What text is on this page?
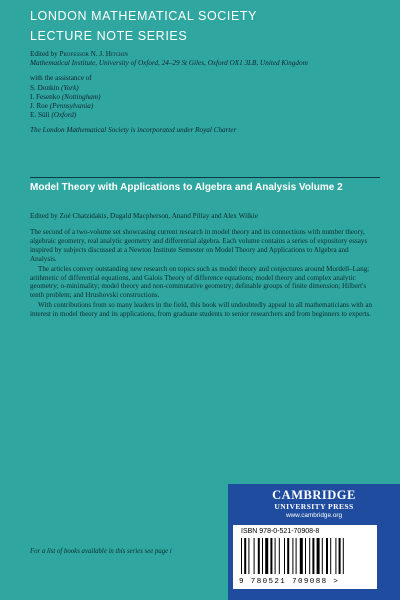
LONDON MATHEMATICAL SOCIETY
LECTURE NOTE SERIES
Edited by Professor N. J. Hitchin
Mathematical Institute, University of Oxford, 24–29 St Giles, Oxford OX1 3LB, United Kingdom
with the assistance of
S. Donkin (York)
I. Fesenko (Nottingham)
J. Roe (Pennsylvania)
E. Süli (Oxford)
The London Mathematical Society is incorporated under Royal Charter
Model Theory with Applications to Algebra and Analysis Volume 2
Edited by Zoé Chatzidakis, Dugald Macpherson, Anand Pillay and Alex Wilkie

The second of a two-volume set showcasing current research in model theory and its connections with number theory, algebraic geometry, real analytic geometry and differential algebra. Each volume contains a series of expository essays inspired by subjects discussed at a Newton Institute Semester on Model Theory and Applications to Algebra and Analysis.

The articles convey outstanding new research on topics such as model theory and conjectures around Mordell–Lang; arithmetic of differential equations, and Galois Theory of difference equations; model theory and complex analytic geometry; o-minimality; model theory and non-commutative geometry; definable groups of finite dimension; Hilbert's tenth problem; and Hrushovski constructions.

With contributions from so many leaders in the field, this book will undoubtedly appeal to all mathematicians with an interest in model theory and its applications, from graduate students to senior researchers and from beginners to experts.

CAMBRIDGE
UNIVERSITY PRESS
www.cambridge.org
ISBN 978-0-521-70908-8
9 780521 709088 >
For a list of books available in this series see page i
